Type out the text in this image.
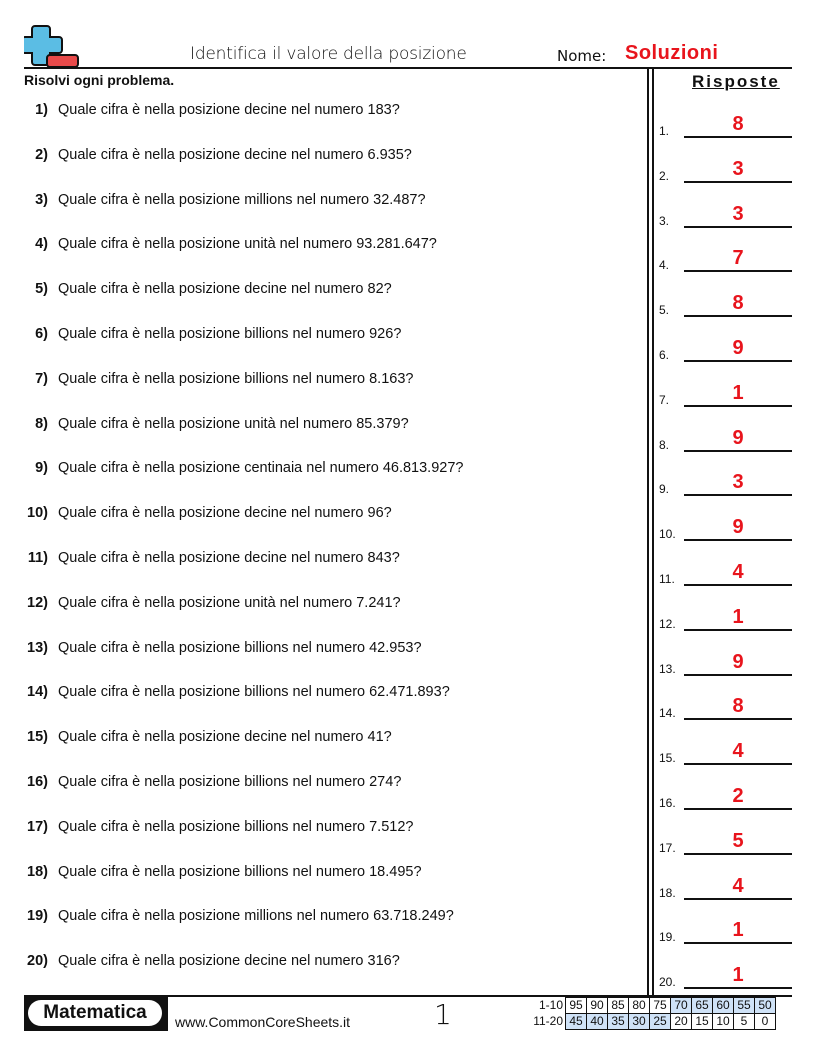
Identifica il valore della posizione	Nome: Soluzioni
Risolvi ogni problema.	Risposte
1) Quale cifra è nella posizione decine nel numero 183?
2) Quale cifra è nella posizione decine nel numero 6.935?
3) Quale cifra è nella posizione millions nel numero 32.487?
4) Quale cifra è nella posizione unità nel numero 93.281.647?
5) Quale cifra è nella posizione decine nel numero 82?
6) Quale cifra è nella posizione billions nel numero 926?
7) Quale cifra è nella posizione billions nel numero 8.163?
8) Quale cifra è nella posizione unità nel numero 85.379?
9) Quale cifra è nella posizione centinaia nel numero 46.813.927?
10) Quale cifra è nella posizione decine nel numero 96?
11) Quale cifra è nella posizione decine nel numero 843?
12) Quale cifra è nella posizione unità nel numero 7.241?
13) Quale cifra è nella posizione billions nel numero 42.953?
14) Quale cifra è nella posizione billions nel numero 62.471.893?
15) Quale cifra è nella posizione decine nel numero 41?
16) Quale cifra è nella posizione billions nel numero 274?
17) Quale cifra è nella posizione billions nel numero 7.512?
18) Quale cifra è nella posizione billions nel numero 18.495?
19) Quale cifra è nella posizione millions nel numero 63.718.249?
20) Quale cifra è nella posizione decine nel numero 316?
1.	8
2.	3
3.	3
4.	7
5.	8
6.	9
7.	1
8.	9
9.	3
10.	9
11.	4
12.	1
13.	9
14.	8
15.	4
16.	2
17.	5
18.	4
19.	1
20.	1
Matematica	www.CommonCoreSheets.it	1	1-10	95	90	85	80	75	70	65	60	55	50
11-20	45	40	35	30	25	20	15	10	5	0
